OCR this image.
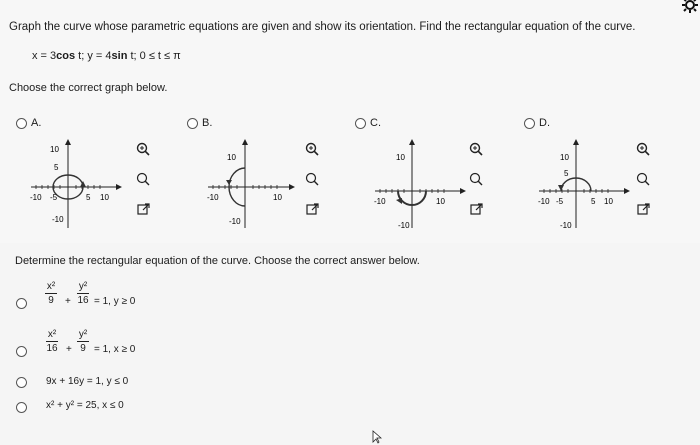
Graph the curve whose parametric equations are given and show its orientation. Find the rectangular equation of the curve.
x = 3cos t; y = 4sin t; 0 ≤ t ≤ π
Choose the correct graph below.
A.	B.	C.	D.
10
5
-10 -5	5 10
-10
10
-10	10
-10
10
-10	10
-10
10
5
-10 -5	5 10
-10
Determine the rectangular equation of the curve. Choose the correct answer below.
x²
9 +
y²
16 = 1, y ≥ 0
x²
16 +
y²
9 = 1, x ≥ 0
9x + 16y = 1, y ≤ 0
x² + y² = 25, x ≤ 0
